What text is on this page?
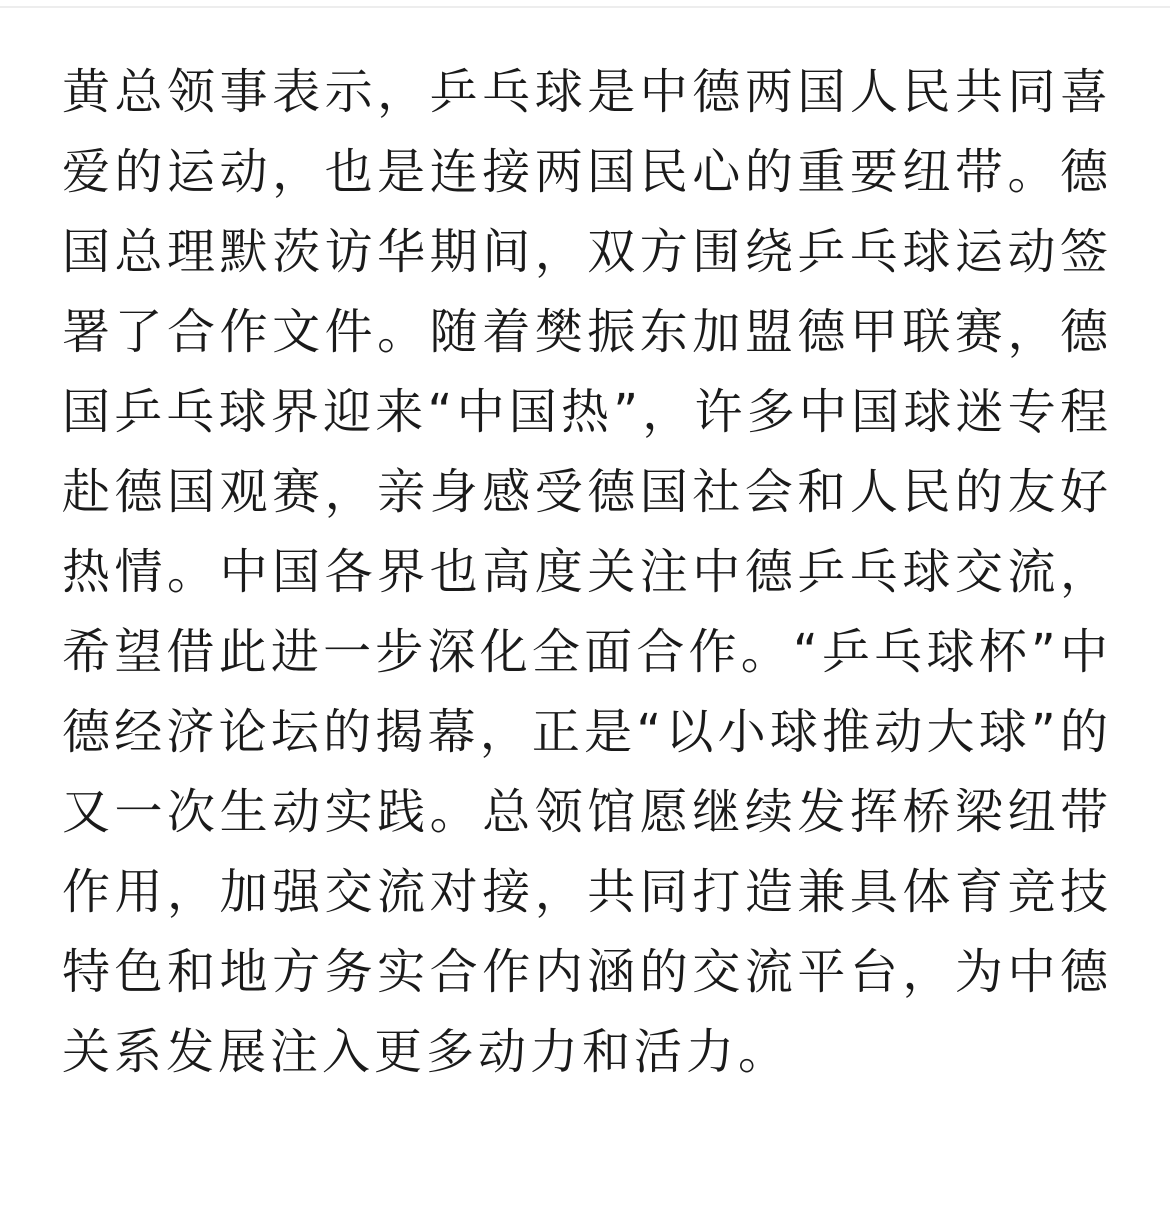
黄总领事表示，乒乓球是中德两国人民共同喜爱的运动，也是连接两国民心的重要纽带。德国总理默茨访华期间，双方围绕乒乓球运动签署了合作文件。随着樊振东加盟德甲联赛，德国乒乓球界迎来“中国热”，许多中国球迷专程赴德国观赛，亲身感受德国社会和人民的友好热情。中国各界也高度关注中德乒乓球交流，希望借此进一步深化全面合作。“乒乓球杯”中德经济论坛的揭幕，正是“以小球推动大球”的又一次生动实践。总领馆愿继续发挥桥梁纽带作用，加强交流对接，共同打造兼具体育竞技特色和地方务实合作内涵的交流平台，为中德关系发展注入更多动力和活力。
